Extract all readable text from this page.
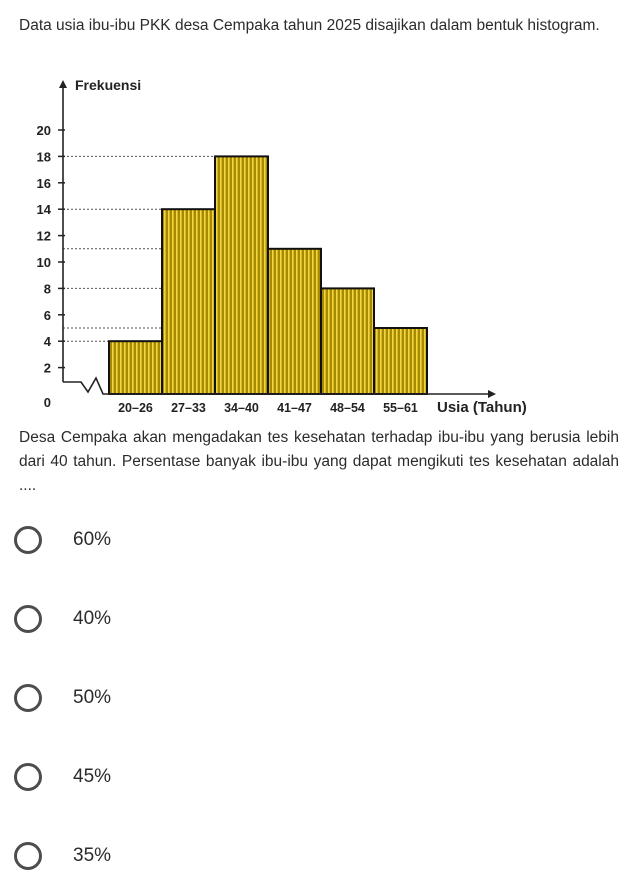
Data usia ibu-ibu PKK desa Cempaka tahun 2025 disajikan dalam bentuk histogram.

0
2
4
6
8
10
12
14
16
18
20
20–26 27–33 34–40 41–47 48–54 55–61
Frekuensi
Usia (Tahun)

Desa Cempaka akan mengadakan tes kesehatan terhadap ibu-ibu yang berusia lebih dari 40 tahun. Persentase banyak ibu-ibu yang dapat mengikuti tes kesehatan adalah ....

60%
40%
50%
45%
35%
